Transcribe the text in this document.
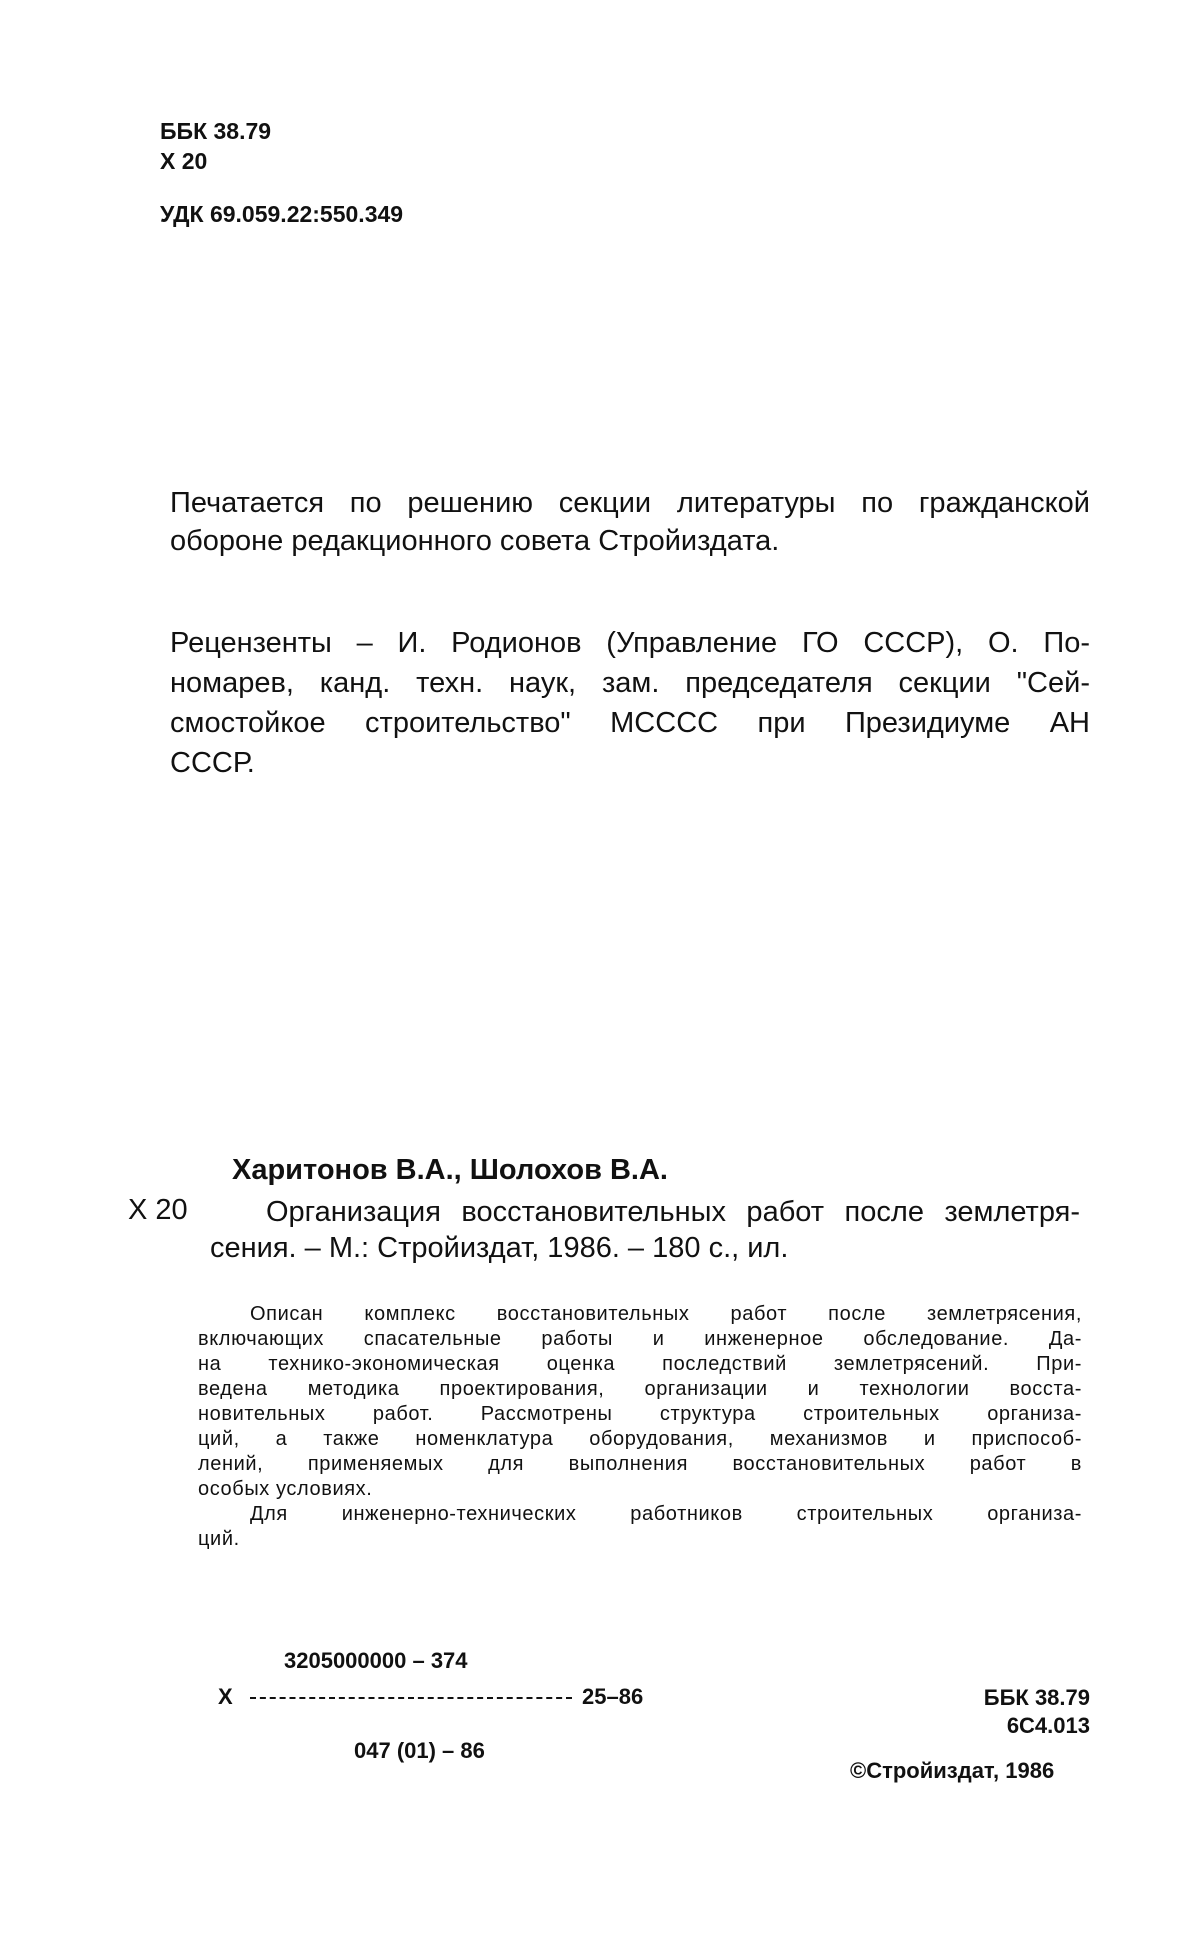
ББК 38.79
Х 20
УДК 69.059.22:550.349
Печатается по решению секции литературы по гражданской
обороне редакционного совета Стройиздата.
Рецензенты – И. Родионов (Управление ГО СССР), О. По-
номарев, канд. техн. наук, зам. председателя секции "Сей-
смостойкое строительство" МСССС при Президиуме АН
СССР.
Харитонов В.А., Шолохов В.А.
Х 20	Организация восстановительных работ после землетря-
сения. – М.: Стройиздат, 1986. – 180 с., ил.
Описан комплекс восстановительных работ после землетрясения,
включающих спасательные работы и инженерное обследование. Да-
на технико-экономическая оценка последствий землетрясений. При-
ведена методика проектирования, организации и технологии восста-
новительных работ. Рассмотрены структура строительных организа-
ций, а также номенклатура оборудования, механизмов и приспособ-
лений, применяемых для выполнения восстановительных работ в
особых условиях.
Для инженерно-технических работников строительных организа-
ций.
3205000000 – 374
Х	25–86
047 (01) – 86
ББК 38.79
6С4.013
©Стройиздат, 1986
